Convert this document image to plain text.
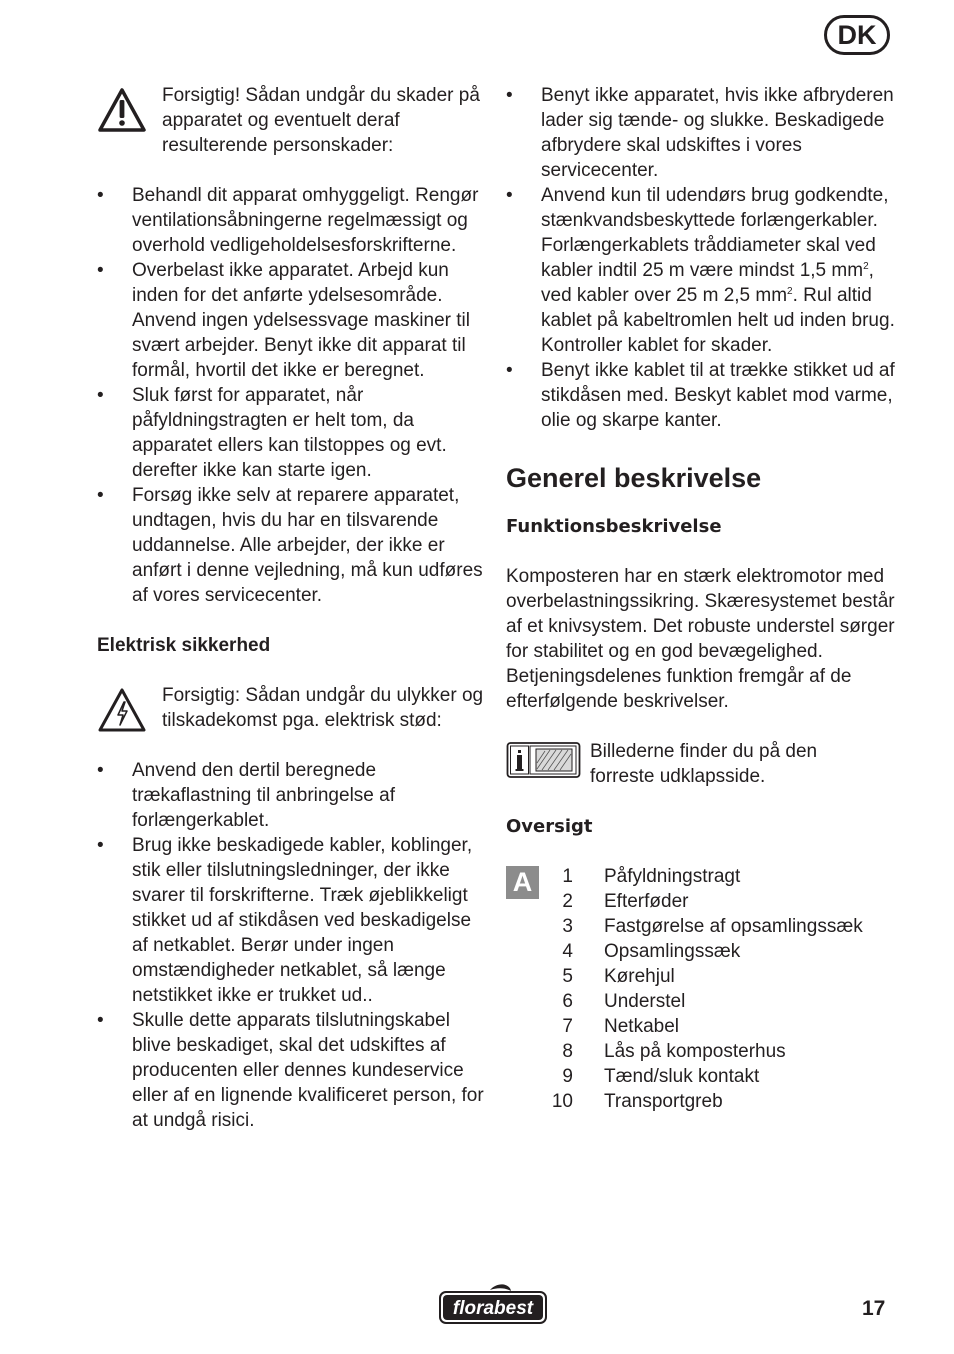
DK
Forsigtig! Sådan undgår du skader på apparatet og eventuelt deraf resulterende personskader:
• Behandl dit apparat omhyggeligt. Rengør ventilationsåbningerne regelmæssigt og overhold vedligeholdelsesforskrifterne.
• Overbelast ikke apparatet. Arbejd kun inden for det anførte ydelsesområde. Anvend ingen ydelsessvage maskiner til svært arbejder. Benyt ikke dit apparat til formål, hvortil det ikke er beregnet.
• Sluk først for apparatet, når påfyldningstragten er helt tom, da apparatet ellers kan tilstoppes og evt. derefter ikke kan starte igen.
• Forsøg ikke selv at reparere apparatet, undtagen, hvis du har en tilsvarende uddannelse. Alle arbejder, der ikke er anført i denne vejledning, må kun udføres af vores servicecenter.
Elektrisk sikkerhed
Forsigtig: Sådan undgår du ulykker og tilskadekomst pga. elektrisk stød:
• Anvend den dertil beregnede trækaflastning til anbringelse af forlængerkablet.
• Brug ikke beskadigede kabler, koblinger, stik eller tilslutningsledninger, der ikke svarer til forskrifterne. Træk øjeblikkeligt stikket ud af stikdåsen ved beskadigelse af netkablet. Berør under ingen omstændigheder netkablet, så længe netstikket ikke er trukket ud..
• Skulle dette apparats tilslutningskabel blive beskadiget, skal det udskiftes af producenten eller dennes kundeservice eller af en lignende kvalificeret person, for at undgå risici.
• Benyt ikke apparatet, hvis ikke afbryderen lader sig tænde- og slukke. Beskadigede afbrydere skal udskiftes i vores servicecenter.
• Anvend kun til udendørs brug godkendte, stænkvandsbeskyttede forlængerkabler. Forlængerkablets tråddiameter skal ved kabler indtil 25 m være mindst 1,5 $mm^2$, ved kabler over 25 m 2,5 $mm^2$. Rul altid kablet på kabeltromlen helt ud inden brug. Kontroller kablet for skader.
• Benyt ikke kablet til at trække stikket ud af stikdåsen med. Beskyt kablet mod varme, olie og skarpe kanter.
Generel beskrivelse
Funktionsbeskrivelse
Komposteren har en stærk elektromotor med overbelastningssikring. Skæresystemet består af et knivsystem. Det robuste understel sørger for stabilitet og en god bevægelighed.
Betjeningsdelenes funktion fremgår af de efterfølgende beskrivelser.
Billederne finder du på den forreste udklapsside.
Oversigt
A	1 Påfyldningstragt
2 Efterføder
3 Fastgørelse af opsamlingssæk
4 Opsamlingssæk
5 Kørehjul
6 Understel
7 Netkabel
8 Lås på komposterhus
9 Tænd/sluk kontakt
10 Transportgreb
florabest	17
